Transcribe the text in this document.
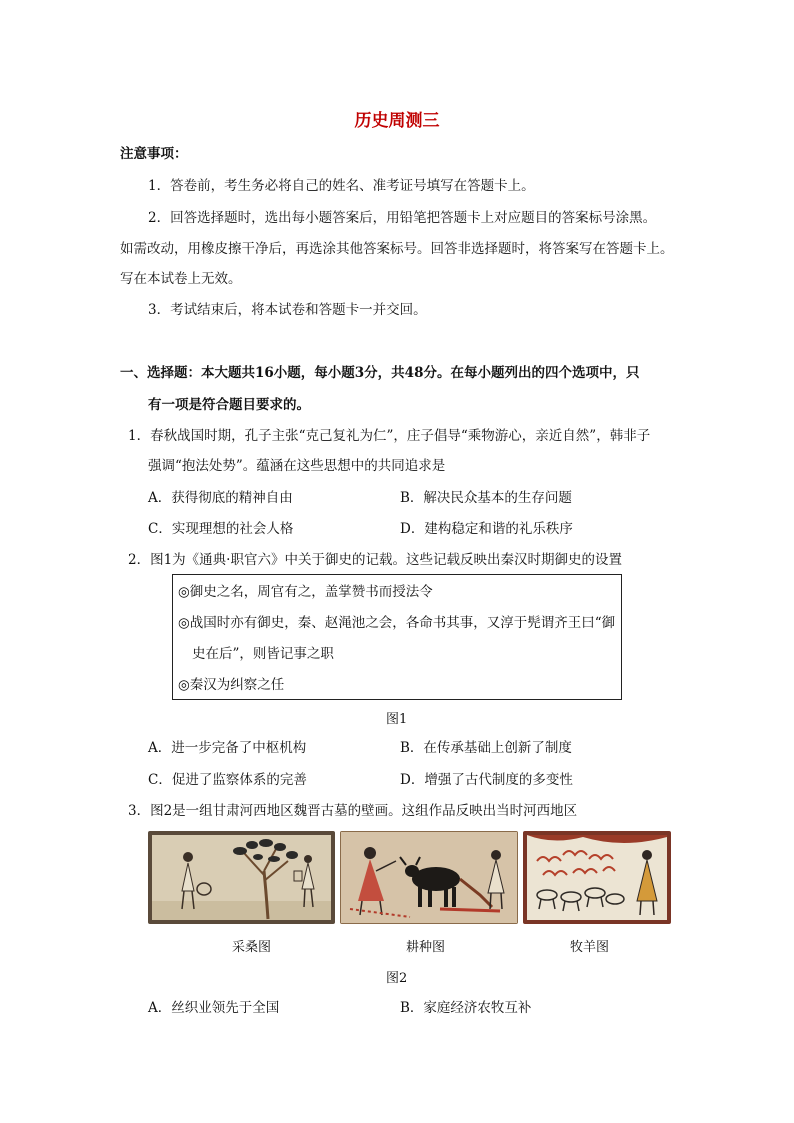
历史周测三
注意事项：
1．答卷前，考生务必将自己的姓名、准考证号填写在答题卡上。
2．回答选择题时，选出每小题答案后，用铅笔把答题卡上对应题目的答案标号涂黑。
如需改动，用橡皮擦干净后，再选涂其他答案标号。回答非选择题时，将答案写在答题卡上。
写在本试卷上无效。
3．考试结束后，将本试卷和答题卡一并交回。
一、选择题：本大题共16小题，每小题3分，共48分。在每小题列出的四个选项中，只
有一项是符合题目要求的。
1．春秋战国时期，孔子主张“克己复礼为仁”，庄子倡导“乘物游心，亲近自然”，韩非子
强调“抱法处势”。蕴涵在这些思想中的共同追求是
A．获得彻底的精神自由	B．解决民众基本的生存问题
C．实现理想的社会人格	D．建构稳定和谐的礼乐秩序
2．图1为《通典·职官六》中关于御史的记载。这些记载反映出秦汉时期御史的设置
◎御史之名，周官有之，盖掌赞书而授法令
◎战国时亦有御史，秦、赵渑池之会，各命书其事，又淳于髡谓齐王曰“御
史在后”，则皆记事之职
◎秦汉为纠察之任
图1
A．进一步完备了中枢机构	B．在传承基础上创新了制度
C．促进了监察体系的完善	D．增强了古代制度的多变性
3．图2是一组甘肃河西地区魏晋古墓的壁画。这组作品反映出当时河西地区
采桑图	耕种图	牧羊图
图2
A．丝织业领先于全国	B．家庭经济农牧互补
